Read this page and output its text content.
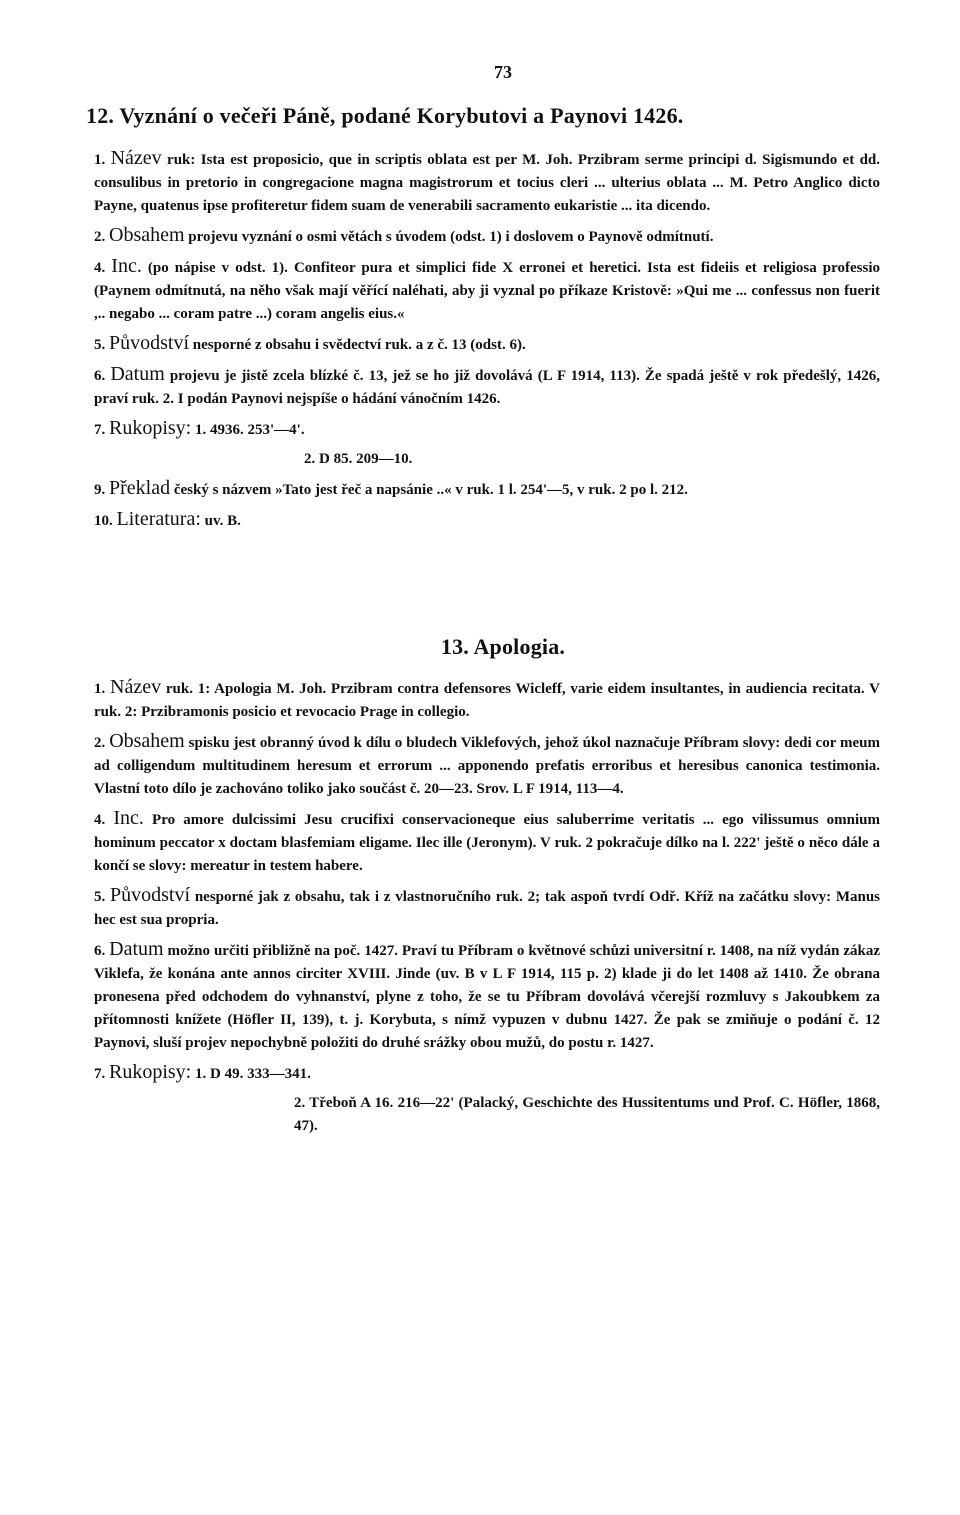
73
12. Vyznání o večeři Páně, podané Korybutovi a Paynovi 1426.

1. Název ruk: Ista est proposicio, que in scriptis oblata est per M. Joh. Przibram serme principi d. Sigismundo et dd. consulibus in pretorio in congregacione magna magistrorum et tocius cleri ... ulterius oblata ... M. Petro Anglico dicto Payne, quatenus ipse profiteretur fidem suam de venerabili sacramento eukaristie ... ita dicendo.

2. Obsahem projevu vyznání o osmi větách s úvodem (odst. 1) i doslovem o Paynově odmítnutí.

4. Inc. (po nápise v odst. 1). Confiteor pura et simplici fide X erronei et heretici. Ista est fideiis et religiosa professio (Paynem odmítnutá, na něho však mají věřící naléhati, aby ji vyznal po příkaze Kristově: »Qui me ... confessus non fuerit ,.. negabo ... coram patre ...) coram angelis eius.«

5. Původství nesporné z obsahu i svědectví ruk. a z č. 13 (odst. 6).

6. Datum projevu je jistě zcela blízké č. 13, jež se ho již dovolává (L F 1914, 113). Že spadá ještě v rok předešlý, 1426, praví ruk. 2. I podán Paynovi nejspíše o hádání vánočním 1426.

7. Rukopisy: 1. 4936. 253'—4'.

2. D 85. 209—10.

9. Překlad český s názvem »Tato jest řeč a napsánie ..« v ruk. 1 l. 254'—5, v ruk. 2 po l. 212.

10. Literatura: uv. B.

13. Apologia.

1. Název ruk. 1: Apologia M. Joh. Przibram contra defensores Wicleff, varie eidem insultantes, in audiencia recitata. V ruk. 2: Przibramonis posicio et revocacio Prage in collegio.

2. Obsahem spisku jest obranný úvod k dílu o bludech Viklefových, jehož úkol naznačuje Příbram slovy: dedi cor meum ad colligendum multitudinem heresum et errorum ... apponendo prefatis erroribus et heresibus canonica testimonia. Vlastní toto dílo je zachováno toliko jako součást č. 20—23. Srov. L F 1914, 113—4.

4. Inc. Pro amore dulcissimi Jesu crucifixi conservacioneque eius saluberrime veritatis ... ego vilissumus omnium hominum peccator x doctam blasfemiam eligame. Ilec ille (Jeronym). V ruk. 2 pokračuje dílko na l. 222' ještě o něco dále a končí se slovy: mereatur in testem habere.

5. Původství nesporné jak z obsahu, tak i z vlastnoručního ruk. 2; tak aspoň tvrdí Odř. Kříž na začátku slovy: Manus hec est sua propria.

6. Datum možno určiti přibližně na poč. 1427. Praví tu Příbram o květnové schůzi universitní r. 1408, na níž vydán zákaz Viklefa, že konána ante annos circiter XVIII. Jinde (uv. B v L F 1914, 115 p. 2) klade ji do let 1408 až 1410. Že obrana pronesena před odchodem do vyhnanství, plyne z toho, že se tu Příbram dovolává včerejší rozmluvy s Jakoubkem za přítomnosti knížete (Höfler II, 139), t. j. Korybuta, s nímž vypuzen v dubnu 1427. Že pak se zmiňuje o podání č. 12 Paynovi, sluší projev nepochybně položiti do druhé srážky obou mužů, do postu r. 1427.

7. Rukopisy: 1. D 49. 333—341.

2. Třeboň A 16. 216—22' (Palacký, Geschichte des Hussitentums und Prof. C. Höfler, 1868, 47).
